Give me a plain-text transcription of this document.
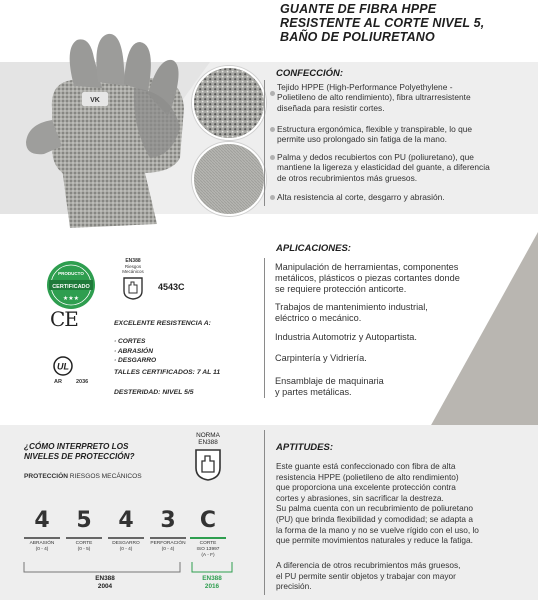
GUANTE DE FIBRA HPPE
RESISTENTE AL CORTE NIVEL 5,
BAÑO DE POLIURETANO
VK
CONFECCIÓN:
Tejido HPPE (High-Performance Polyethylene -
Polietileno de alto rendimiento), fibra ultrarresistente
diseñada para resistir cortes.
Estructura ergonómica, flexible y transpirable, lo que
permite uso prolongado sin fatiga de la mano.
Palma y dedos recubiertos con PU (poliuretano), que
mantiene la ligereza y elasticidad del guante, a diferencia
de otros recubrimientos más gruesos.
Alta resistencia al corte, desgarro y abrasión.
PRODUCTO
CERTIFICADO
★★★
EN388
Riesgos
Mecánicos
4543C
CE
UL
AR	2036
EXCELENTE RESISTENCIA A:
· CORTES
· ABRASIÓN
· DESGARRO
TALLES CERTIFICADOS: 7 AL 11
DESTERIDAD: NIVEL 5/5
APLICACIONES:
Manipulación de herramientas, componentes
metálicos, plásticos o piezas cortantes donde
se requiere protección anticorte.
Trabajos de mantenimiento industrial,
eléctrico o mecánico.
Industria Automotriz y Autopartista.
Carpintería y Vidriería.
Ensamblaje de maquinaria
y partes metálicas.
¿CÓMO INTERPRETO LOS
NIVELES DE PROTECCIÓN?
PROTECCIÓN RIESGOS MECÁNICOS
NORMA
EN388
4	5	4	3	C
ABRASIÓN
(0 - 4)
CORTE
(0 - 5)
DESGARRO
(0 - 4)
PERFORACIÓN
(0 - 4)
CORTE
ISO 13997
(A - F)
EN388
2004
EN388
2016
APTITUDES:
Este guante está confeccionado con fibra de alta
resistencia HPPE (polietileno de alto rendimiento)
que proporciona una excelente protección contra
cortes y abrasiones, sin sacrificar la destreza.
Su palma cuenta con un recubrimiento de poliuretano
(PU) que brinda flexibilidad y comodidad; se adapta a
la forma de la mano y no se vuelve rígido con el uso, lo
que permite movimientos naturales y reduce la fatiga.
A diferencia de otros recubrimientos más gruesos,
el PU permite sentir objetos y trabajar con mayor
precisión.
